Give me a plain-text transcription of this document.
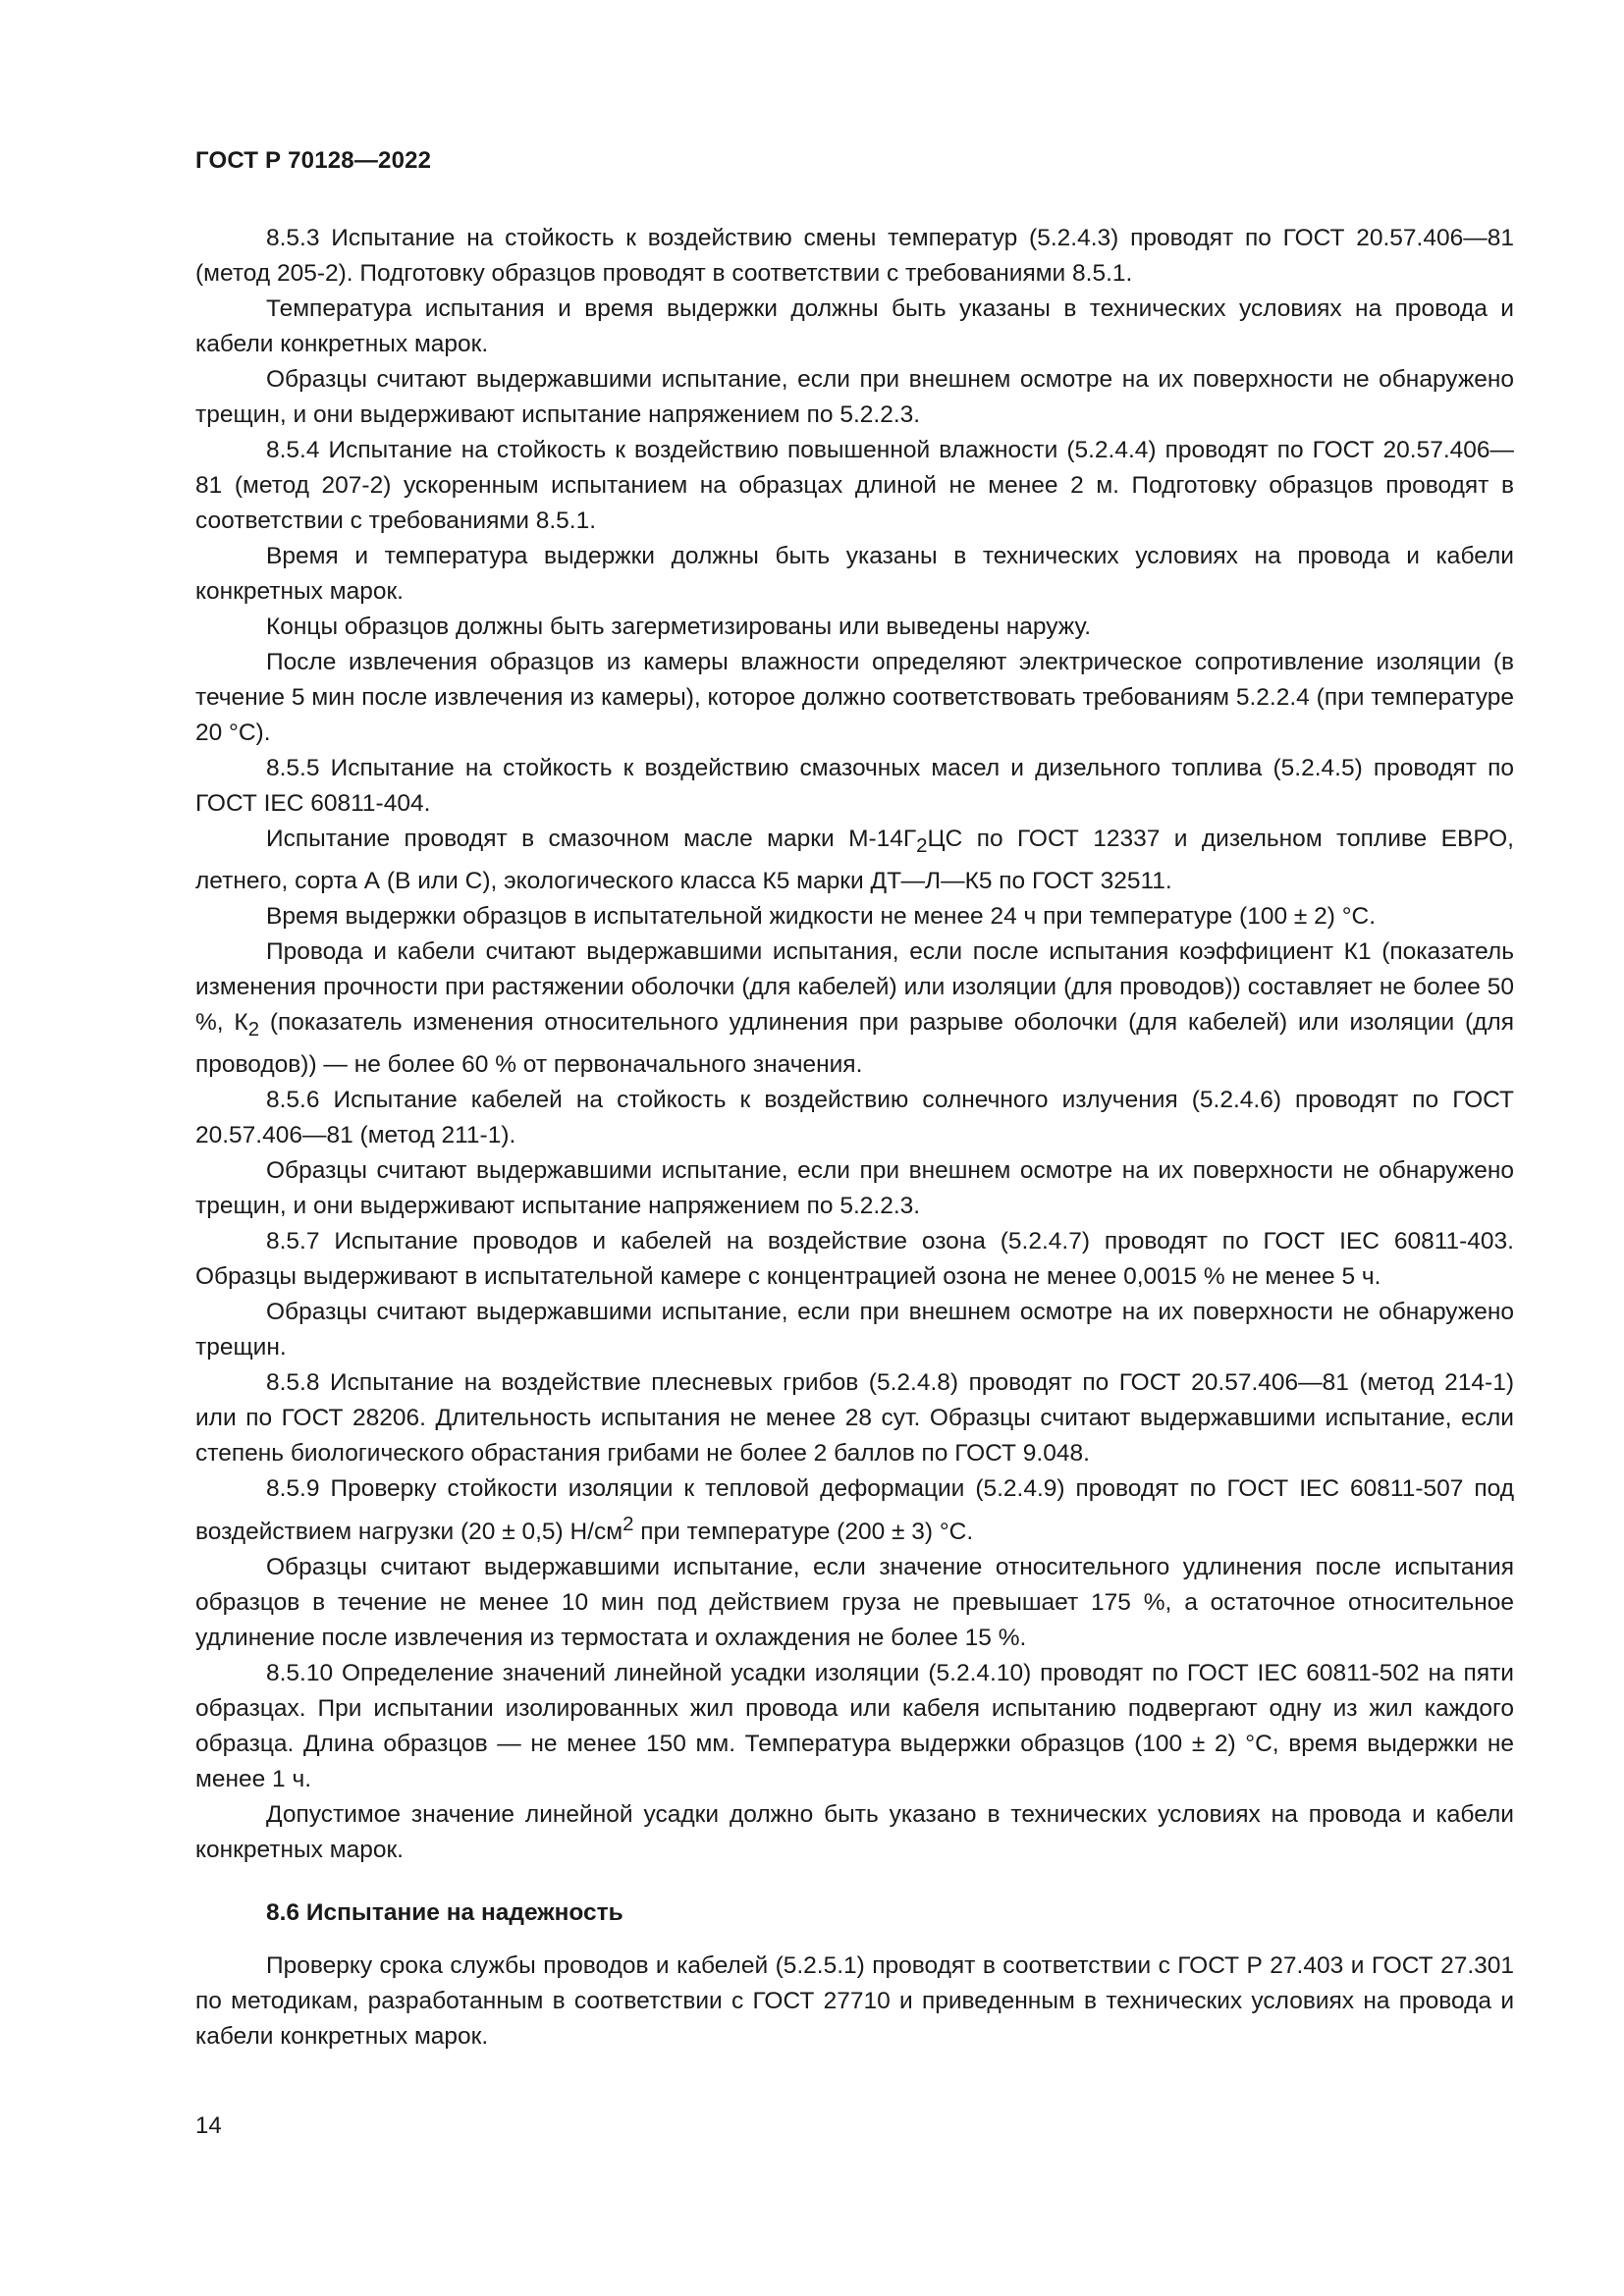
ГОСТ Р 70128—2022

8.5.3 Испытание на стойкость к воздействию смены температур (5.2.4.3) проводят по ГОСТ 20.57.406—81 (метод 205-2). Подготовку образцов проводят в соответствии с требованиями 8.5.1.

Температура испытания и время выдержки должны быть указаны в технических условиях на провода и кабели конкретных марок.

Образцы считают выдержавшими испытание, если при внешнем осмотре на их поверхности не обнаружено трещин, и они выдерживают испытание напряжением по 5.2.2.3.

8.5.4 Испытание на стойкость к воздействию повышенной влажности (5.2.4.4) проводят по ГОСТ 20.57.406—81 (метод 207-2) ускоренным испытанием на образцах длиной не менее 2 м. Подготовку образцов проводят в соответствии с требованиями 8.5.1.

Время и температура выдержки должны быть указаны в технических условиях на провода и кабели конкретных марок.

Концы образцов должны быть загерметизированы или выведены наружу.

После извлечения образцов из камеры влажности определяют электрическое сопротивление изоляции (в течение 5 мин после извлечения из камеры), которое должно соответствовать требованиям 5.2.2.4 (при температуре 20 °С).

8.5.5 Испытание на стойкость к воздействию смазочных масел и дизельного топлива (5.2.4.5) проводят по ГОСТ IEC 60811-404.

Испытание проводят в смазочном масле марки $М-14Г_2ЦС$ по ГОСТ 12337 и дизельном топливе ЕВРО, летнего, сорта А (В или С), экологического класса К5 марки ДТ—Л—К5 по ГОСТ 32511.

Время выдержки образцов в испытательной жидкости не менее 24 ч при температуре (100 ± 2) °С.

Провода и кабели считают выдержавшими испытания, если после испытания коэффициент К1 (показатель изменения прочности при растяжении оболочки (для кабелей) или изоляции (для проводов)) составляет не более 50 %, $К_2$ (показатель изменения относительного удлинения при разрыве оболочки (для кабелей) или изоляции (для проводов)) — не более 60 % от первоначального значения.

8.5.6 Испытание кабелей на стойкость к воздействию солнечного излучения (5.2.4.6) проводят по ГОСТ 20.57.406—81 (метод 211-1).

Образцы считают выдержавшими испытание, если при внешнем осмотре на их поверхности не обнаружено трещин, и они выдерживают испытание напряжением по 5.2.2.3.

8.5.7 Испытание проводов и кабелей на воздействие озона (5.2.4.7) проводят по ГОСТ IEC 60811-403. Образцы выдерживают в испытательной камере с концентрацией озона не менее 0,0015 % не менее 5 ч.

Образцы считают выдержавшими испытание, если при внешнем осмотре на их поверхности не обнаружено трещин.

8.5.8 Испытание на воздействие плесневых грибов (5.2.4.8) проводят по ГОСТ 20.57.406—81 (метод 214-1) или по ГОСТ 28206. Длительность испытания не менее 28 сут. Образцы считают выдержавшими испытание, если степень биологического обрастания грибами не более 2 баллов по ГОСТ 9.048.

8.5.9 Проверку стойкости изоляции к тепловой деформации (5.2.4.9) проводят по ГОСТ IEC 60811-507 под воздействием нагрузки (20 ± 0,5) $Н/см^2$ при температуре (200 ± 3) °С.

Образцы считают выдержавшими испытание, если значение относительного удлинения после испытания образцов в течение не менее 10 мин под действием груза не превышает 175 %, а остаточное относительное удлинение после извлечения из термостата и охлаждения не более 15 %.

8.5.10 Определение значений линейной усадки изоляции (5.2.4.10) проводят по ГОСТ IEC 60811-502 на пяти образцах. При испытании изолированных жил провода или кабеля испытанию подвергают одну из жил каждого образца. Длина образцов — не менее 150 мм. Температура выдержки образцов (100 ± 2) °С, время выдержки не менее 1 ч.

Допустимое значение линейной усадки должно быть указано в технических условиях на провода и кабели конкретных марок.

8.6 Испытание на надежность

Проверку срока службы проводов и кабелей (5.2.5.1) проводят в соответствии с ГОСТ Р 27.403 и ГОСТ 27.301 по методикам, разработанным в соответствии с ГОСТ 27710 и приведенным в технических условиях на провода и кабели конкретных марок.

14
